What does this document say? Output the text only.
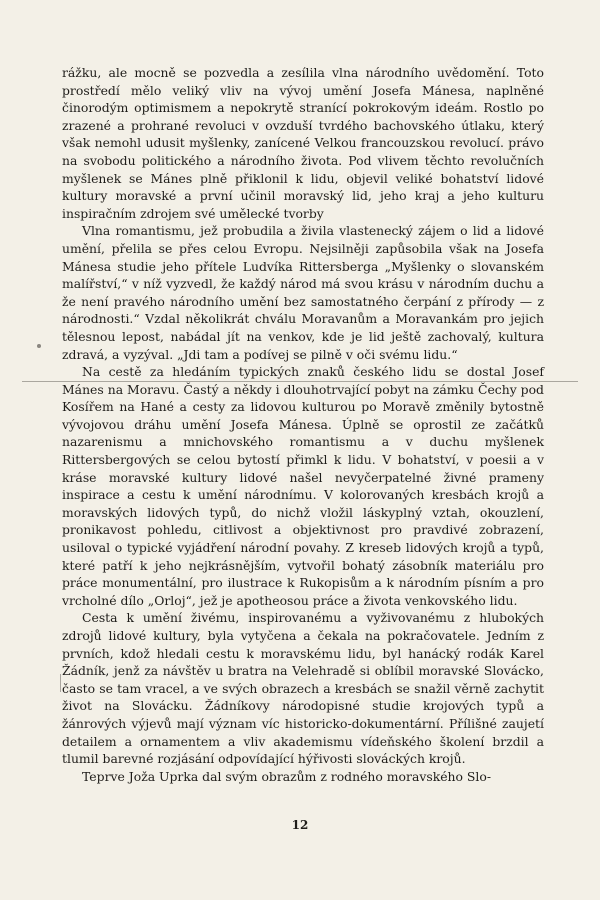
rážku, ale mocně se pozvedla a zesílila vlna národního uvědomění. Toto prostředí mělo veliký vliv na vývoj umění Josefa Mánesa, naplněné činorodým optimismem a nepokrytě stranící pokrokovým ideám. Rostlo po zrazené a prohrané revoluci v ovzduší tvrdého bachovského útlaku, který však nemohl udusit myšlenky, zanícené Velkou francouzskou revolucí. právo na svobodu politického a národního života. Pod vlivem těchto revolučních myšlenek se Mánes plně přiklonil k lidu, objevil veliké bohatství lidové kultury moravské a první učinil moravský lid, jeho kraj a jeho kulturu inspiračním zdrojem své umělecké tvorby

Vlna romantismu, jež probudila a živila vlastenecký zájem o lid a lidové umění, přelila se přes celou Evropu. Nejsilněji zapůsobila však na Josefa Mánesa studie jeho přítele Ludvíka Rittersberga „Myšlenky o slovanském malířství,“ v níž vyzvedl, že každý národ má svou krásu v národním duchu a že není pravého národního umění bez samostatného čerpání z přírody — z národnosti.“ Vzdal několikrát chválu Moravanům a Moravankám pro jejich tělesnou lepost, nabádal jít na venkov, kde je lid ještě zachovalý, kultura zdravá, a vyzýval. „Jdi tam a podívej se pilně v oči svému lidu.“

Na cestě za hledáním typických znaků českého lidu se dostal Josef Mánes na Moravu. Častý a někdy i dlouhotrvající pobyt na zámku Čechy pod Kosířem na Hané a cesty za lidovou kulturou po Moravě změnily bytostně vývojovou dráhu umění Josefa Mánesa. Úplně se oprostil ze začátků nazarenismu a mnichovského romantismu a v duchu myšlenek Rittersbergových se celou bytostí přimkl k lidu. V bohatství, v poesii a v kráse moravské kultury lidové našel nevyčerpatelné živné prameny inspirace a cestu k umění národnímu. V kolorovaných kresbách krojů a moravských lidových typů, do nichž vložil láskyplný vztah, okouzlení, pronikavost pohledu, citlivost a objektivnost pro pravdivé zobrazení, usiloval o typické vyjádření národní povahy. Z kreseb lidových krojů a typů, které patří k jeho nejkrásnějším, vytvořil bohatý zásobník materiálu pro práce monumentální, pro ilustrace k Rukopisům a k národním písním a pro vrcholné dílo „Orloj“, jež je apotheosou práce a života venkovského lidu.

Cesta k umění živému, inspirovanému a vyživovanému z hlubokých zdrojů lidové kultury, byla vytyčena a čekala na pokračovatele. Jedním z prvních, kdož hledali cestu k moravskému lidu, byl hanácký rodák Karel Žádník, jenž za návštěv u bratra na Velehradě si oblíbil moravské Slovácko, často se tam vracel, a ve svých obrazech a kresbách se snažil věrně zachytit život na Slovácku. Žádníkovy národopisné studie krojových typů a žánrových výjevů mají význam víc historicko-dokumentární. Přílišné zaujetí detailem a ornamentem a vliv akademismu vídeňského školení brzdil a tlumil barevné rozjásání odpovídající hýřivosti slováckých krojů.

Teprve Joža Uprka dal svým obrazům z rodného moravského Slo-

12
